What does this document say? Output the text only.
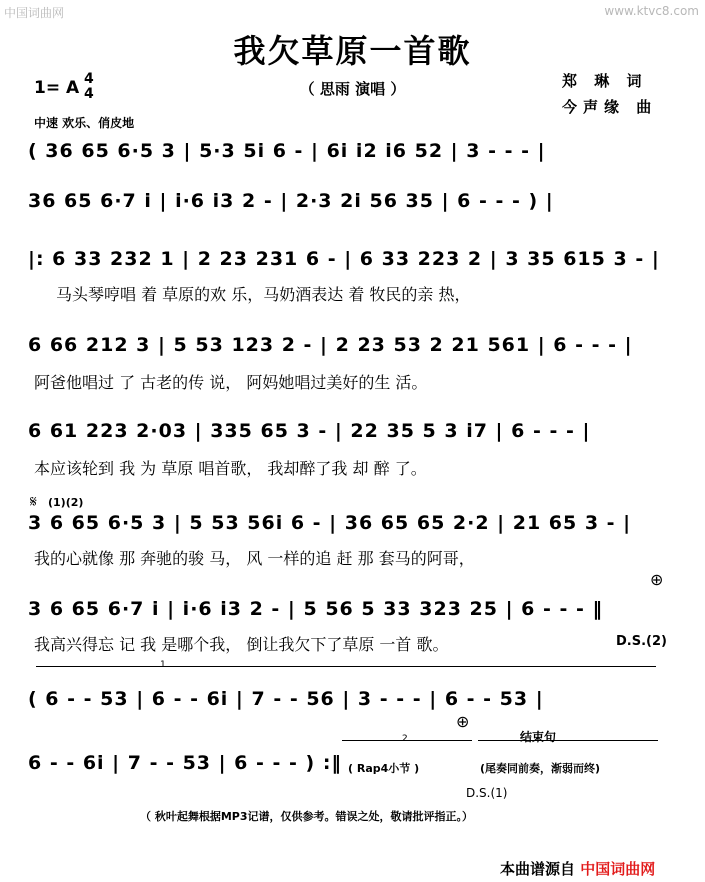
中国词曲网	www.ktvc8.com
我欠草原一首歌
（ 思雨 演唱 ）	郑 琳 词
今声缘 曲
1= A 4
4
中速 欢乐、俏皮地
( 36 65 6·5 3 | 5·3 5i 6 - | 6i i2 i6 52 | 3 - - - |
36 65 6·7 i | i·6 i3 2 - | 2·3 2i 56 35 | 6 - - - ) |
|: 6 33 232 1 | 2 23 231 6 - | 6 33 223 2 | 3 35 615 3 - |
马头琴哼唱 着 草原的欢 乐，马奶酒表达 着 牧民的亲 热，
6 66 212 3 | 5 53 123 2 - | 2 23 53 2 21 561 | 6 - - - |
阿爸他唱过 了 古老的传 说， 阿妈她唱过美好的生 活。
6 61 223 2·03 | 335 65 3 - | 22 35 5 3 i7 | 6 - - - |
本应该轮到 我 为 草原 唱首歌， 我却醉了我 却 醉 了。
𝄋 (1)(2)
3 6 65 6·5 3 | 5 53 56i 6 - | 36 65 65 2·2 | 21 65 3 - |
我的心就像 那 奔驰的骏 马， 风 一样的追 赶 那 套马的阿哥，
⊕
3 6 65 6·7 i | i·6 i3 2 - | 5 56 5 33 323 25 | 6 - - - ‖
我高兴得忘 记 我 是哪个我， 倒让我欠下了草原 一首 歌。	D.S.(2)
1
( 6 - - 53 | 6 - - 6i | 7 - - 56 | 3 - - - | 6 - - 53 |
2
⊕
结束句
6 - - 6i | 7 - - 53 | 6 - - - ) :‖ ( Rap4小节 )	(尾奏同前奏，渐弱而终)
D.S.(1)
（ 秋叶起舞根据MP3记谱，仅供参考。错误之处，敬请批评指正。）
本曲谱源自 中国词曲网
